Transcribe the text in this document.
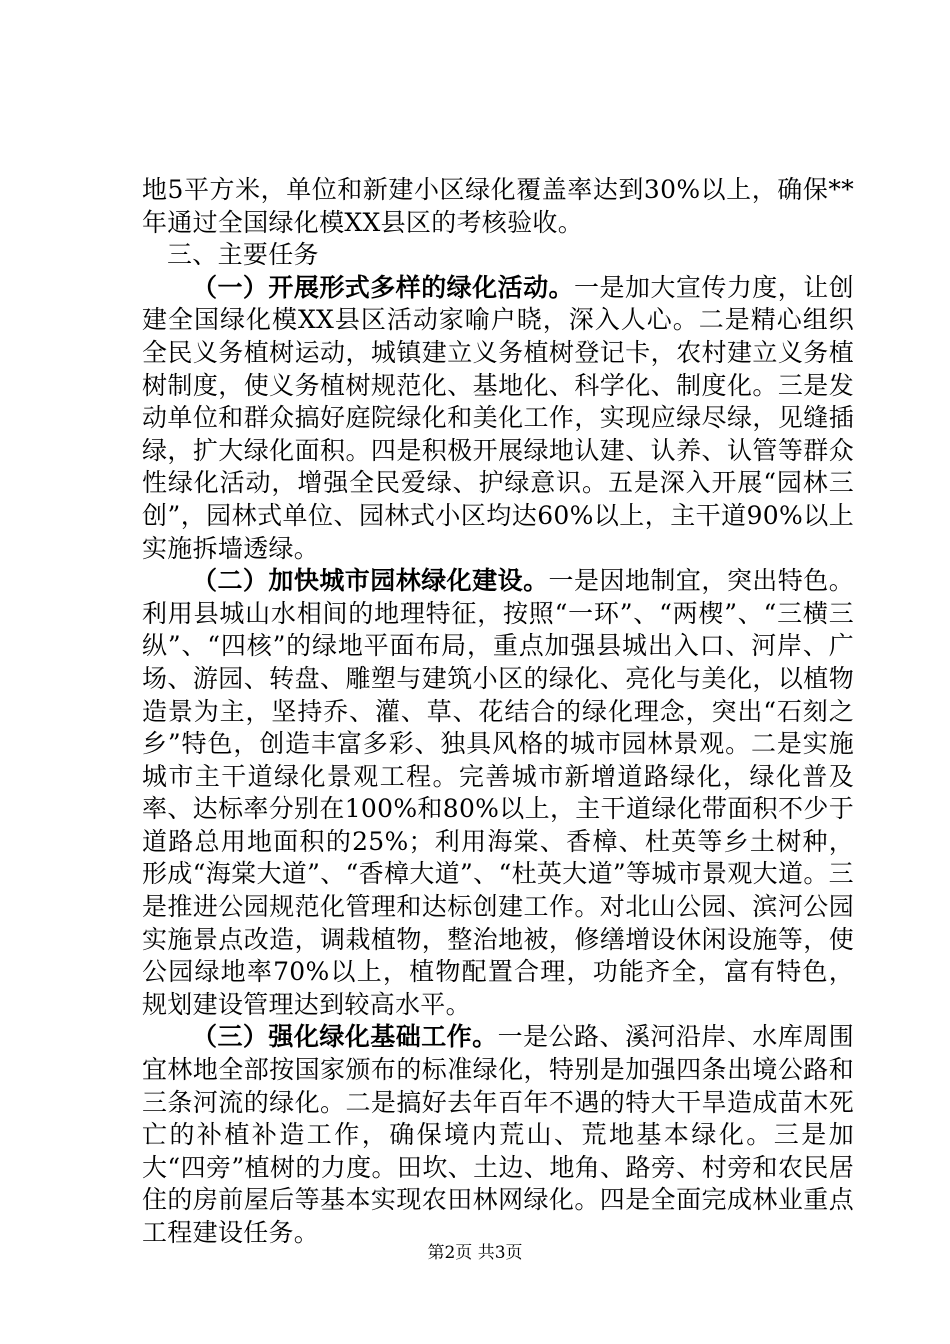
地5平方米，单位和新建小区绿化覆盖率达到30%以上，确保**年通过全国绿化模XX县区的考核验收。

三、主要任务

（一）开展形式多样的绿化活动。一是加大宣传力度，让创建全国绿化模XX县区活动家喻户晓，深入人心。二是精心组织全民义务植树运动，城镇建立义务植树登记卡，农村建立义务植树制度，使义务植树规范化、基地化、科学化、制度化。三是发动单位和群众搞好庭院绿化和美化工作，实现应绿尽绿，见缝插绿，扩大绿化面积。四是积极开展绿地认建、认养、认管等群众性绿化活动，增强全民爱绿、护绿意识。五是深入开展“园林三创”，园林式单位、园林式小区均达60%以上，主干道90%以上实施拆墙透绿。

（二）加快城市园林绿化建设。一是因地制宜，突出特色。利用县城山水相间的地理特征，按照“一环”、“两楔”、“三横三纵”、“四核”的绿地平面布局，重点加强县城出入口、河岸、广场、游园、转盘、雕塑与建筑小区的绿化、亮化与美化，以植物造景为主，坚持乔、灌、草、花结合的绿化理念，突出“石刻之乡”特色，创造丰富多彩、独具风格的城市园林景观。二是实施城市主干道绿化景观工程。完善城市新增道路绿化，绿化普及率、达标率分别在100%和80%以上，主干道绿化带面积不少于道路总用地面积的25%；利用海棠、香樟、杜英等乡土树种，形成“海棠大道”、“香樟大道”、“杜英大道”等城市景观大道。三是推进公园规范化管理和达标创建工作。对北山公园、滨河公园实施景点改造，调栽植物，整治地被，修缮增设休闲设施等，使公园绿地率70%以上，植物配置合理，功能齐全，富有特色，规划建设管理达到较高水平。

（三）强化绿化基础工作。一是公路、溪河沿岸、水库周围宜林地全部按国家颁布的标准绿化，特别是加强四条出境公路和三条河流的绿化。二是搞好去年百年不遇的特大干旱造成苗木死亡的补植补造工作，确保境内荒山、荒地基本绿化。三是加大“四旁”植树的力度。田坎、土边、地角、路旁、村旁和农民居住的房前屋后等基本实现农田林网绿化。四是全面完成林业重点工程建设任务。

第2页 共3页
